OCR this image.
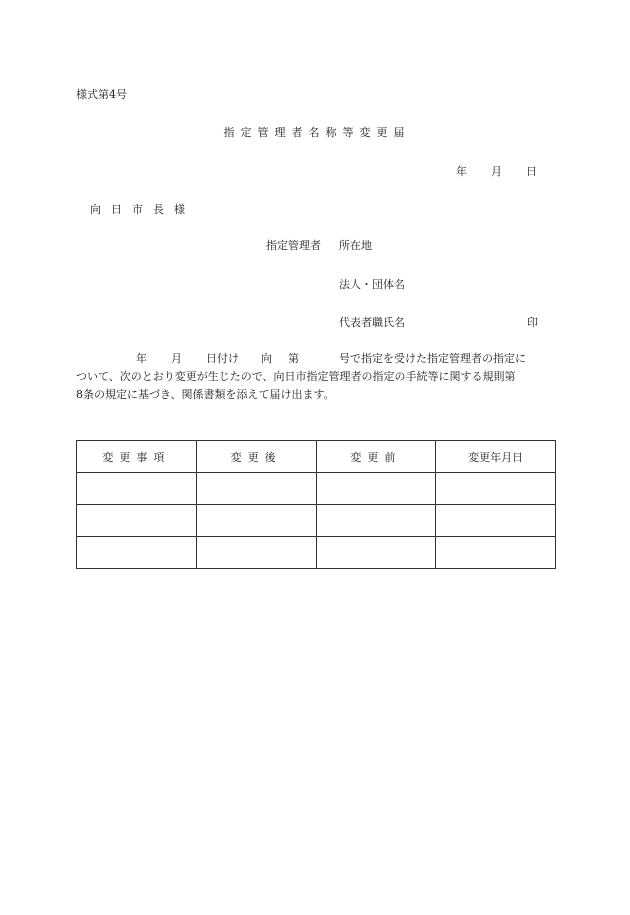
様式第4号
指定管理者名称等変更届
年 月 日
向日市長様
指定管理者 所在地
法人・団体名
代表者職氏名	印
年 月 日付け 向 第	号で指定を受けた指定管理者の指定に
ついて、次のとおり変更が生じたので、向日市指定管理者の指定の手続等に関する規則第
8条の規定に基づき、関係書類を添えて届け出ます。
変更事項	変更後	変更前	変更年月日
